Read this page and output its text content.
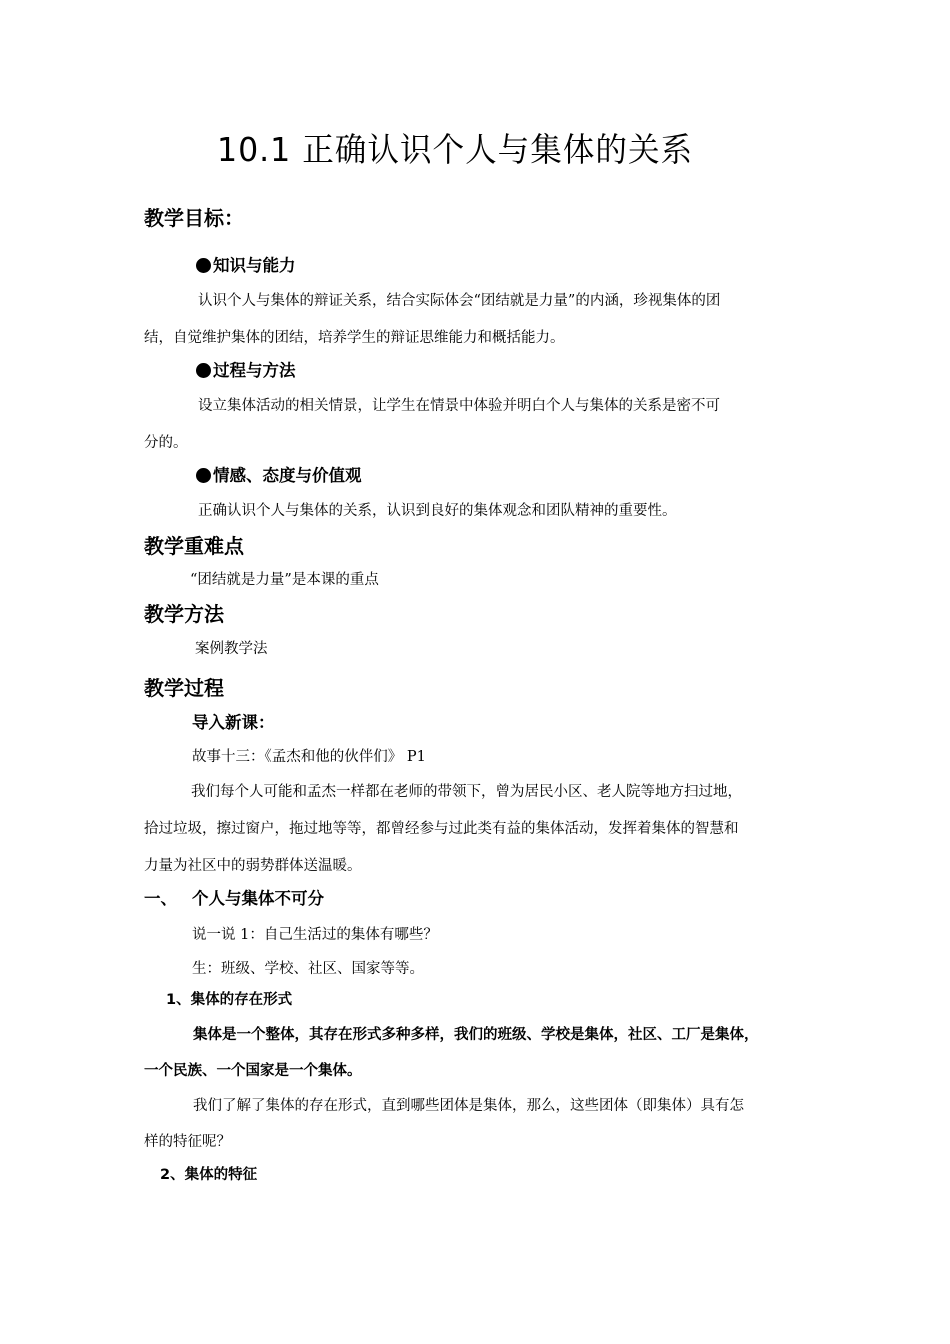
10.1 正确认识个人与集体的关系
教学目标：
知识与能力
认识个人与集体的辩证关系，结合实际体会“团结就是力量”的内涵，珍视集体的团
结，自觉维护集体的团结，培养学生的辩证思维能力和概括能力。
过程与方法
设立集体活动的相关情景，让学生在情景中体验并明白个人与集体的关系是密不可
分的。
情感、态度与价值观
正确认识个人与集体的关系，认识到良好的集体观念和团队精神的重要性。
教学重难点
“团结就是力量”是本课的重点
教学方法
案例教学法
教学过程
导入新课：
故事十三：《孟杰和他的伙伴们》 P1
我们每个人可能和孟杰一样都在老师的带领下，曾为居民小区、老人院等地方扫过地，
拾过垃圾，擦过窗户，拖过地等等，都曾经参与过此类有益的集体活动，发挥着集体的智慧和
力量为社区中的弱势群体送温暖。
一、 个人与集体不可分
说一说 1：自己生活过的集体有哪些？
生：班级、学校、社区、国家等等。
1、集体的存在形式
集体是一个整体，其存在形式多种多样，我们的班级、学校是集体，社区、工厂是集体，
一个民族、一个国家是一个集体。
我们了解了集体的存在形式，直到哪些团体是集体，那么，这些团体（即集体）具有怎
样的特征呢？
2、集体的特征
